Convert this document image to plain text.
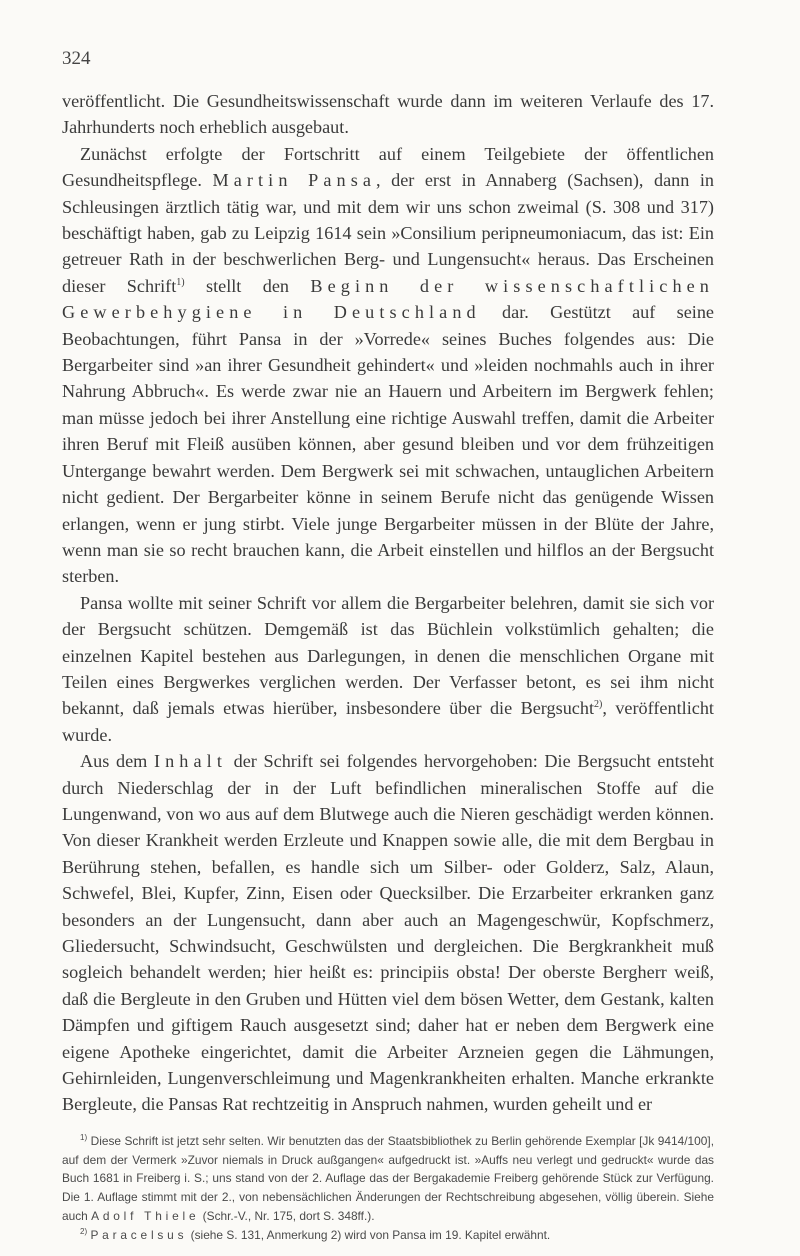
324

veröffentlicht. Die Gesundheitswissenschaft wurde dann im weiteren Verlaufe des 17. Jahrhunderts noch erheblich ausgebaut.

Zunächst erfolgte der Fortschritt auf einem Teilgebiete der öffentlichen Gesundheitspflege. Martin Pansa, der erst in Annaberg (Sachsen), dann in Schleusingen ärztlich tätig war, und mit dem wir uns schon zweimal (S. 308 und 317) beschäftigt haben, gab zu Leipzig 1614 sein »Consilium peripneumoniacum, das ist: Ein getreuer Rath in der beschwerlichen Berg- und Lungensucht« heraus. Das Erscheinen dieser Schrift$^{1)}$ stellt den Beginn der wissenschaftlichen Gewerbehygiene in Deutschland dar. Gestützt auf seine Beobachtungen, führt Pansa in der »Vorrede« seines Buches folgendes aus: Die Bergarbeiter sind »an ihrer Gesundheit gehindert« und »leiden nochmahls auch in ihrer Nahrung Abbruch«. Es werde zwar nie an Hauern und Arbeitern im Bergwerk fehlen; man müsse jedoch bei ihrer Anstellung eine richtige Auswahl treffen, damit die Arbeiter ihren Beruf mit Fleiß ausüben können, aber gesund bleiben und vor dem frühzeitigen Untergange bewahrt werden. Dem Bergwerk sei mit schwachen, untauglichen Arbeitern nicht gedient. Der Bergarbeiter könne in seinem Berufe nicht das genügende Wissen erlangen, wenn er jung stirbt. Viele junge Bergarbeiter müssen in der Blüte der Jahre, wenn man sie so recht brauchen kann, die Arbeit einstellen und hilflos an der Bergsucht sterben.

Pansa wollte mit seiner Schrift vor allem die Bergarbeiter belehren, damit sie sich vor der Bergsucht schützen. Demgemäß ist das Büchlein volkstümlich gehalten; die einzelnen Kapitel bestehen aus Darlegungen, in denen die menschlichen Organe mit Teilen eines Bergwerkes verglichen werden. Der Verfasser betont, es sei ihm nicht bekannt, daß jemals etwas hierüber, insbesondere über die Bergsucht$^{2)}$, veröffentlicht wurde.

Aus dem Inhalt der Schrift sei folgendes hervorgehoben: Die Bergsucht entsteht durch Niederschlag der in der Luft befindlichen mineralischen Stoffe auf die Lungenwand, von wo aus auf dem Blutwege auch die Nieren geschädigt werden können. Von dieser Krankheit werden Erzleute und Knappen sowie alle, die mit dem Bergbau in Berührung stehen, befallen, es handle sich um Silber- oder Golderz, Salz, Alaun, Schwefel, Blei, Kupfer, Zinn, Eisen oder Quecksilber. Die Erzarbeiter erkranken ganz besonders an der Lungensucht, dann aber auch an Magengeschwür, Kopfschmerz, Gliedersucht, Schwindsucht, Geschwülsten und dergleichen. Die Bergkrankheit muß sogleich behandelt werden; hier heißt es: principiis obsta! Der oberste Bergherr weiß, daß die Bergleute in den Gruben und Hütten viel dem bösen Wetter, dem Gestank, kalten Dämpfen und giftigem Rauch ausgesetzt sind; daher hat er neben dem Bergwerk eine eigene Apotheke eingerichtet, damit die Arbeiter Arzneien gegen die Lähmungen, Gehirnleiden, Lungenverschleimung und Magenkrankheiten erhalten. Manche erkrankte Bergleute, die Pansas Rat rechtzeitig in Anspruch nahmen, wurden geheilt und er

$^{1)}$ Diese Schrift ist jetzt sehr selten. Wir benutzten das der Staatsbibliothek zu Berlin gehörende Exemplar [Jk 9414/100], auf dem der Vermerk »Zuvor niemals in Druck außgangen« aufgedruckt ist. »Auffs neu verlegt und gedruckt« wurde das Buch 1681 in Freiberg i. S.; uns stand von der 2. Auflage das der Bergakademie Freiberg gehörende Stück zur Verfügung. Die 1. Auflage stimmt mit der 2., von nebensächlichen Änderungen der Rechtschreibung abgesehen, völlig überein. Siehe auch Adolf Thiele (Schr.-V., Nr. 175, dort S. 348ff.).

$^{2)}$ Paracelsus (siehe S. 131, Anmerkung 2) wird von Pansa im 19. Kapitel erwähnt.
